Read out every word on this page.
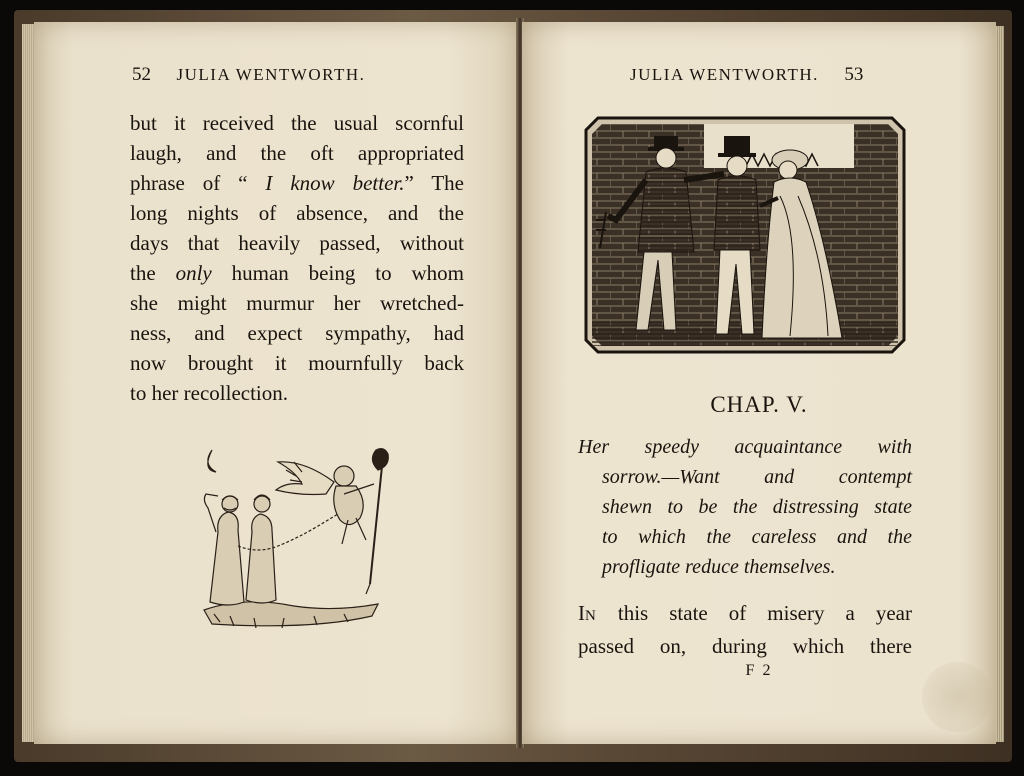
52 JULIA WENTWORTH.
but it received the usual scornful
laugh, and the oft appropriated
phrase of “ I know better.” The
long nights of absence, and the
days that heavily passed, without
the only human being to whom
she might murmur her wretched-
ness, and expect sympathy, had
now brought it mournfully back
to her recollection.
JULIA WENTWORTH. 53
CHAP. V.
Her speedy acquaintance with
sorrow.—Want and contempt
shewn to be the distressing state
to which the careless and the
profligate reduce themselves.
IN this state of misery a year
passed on, during which there
F 2
